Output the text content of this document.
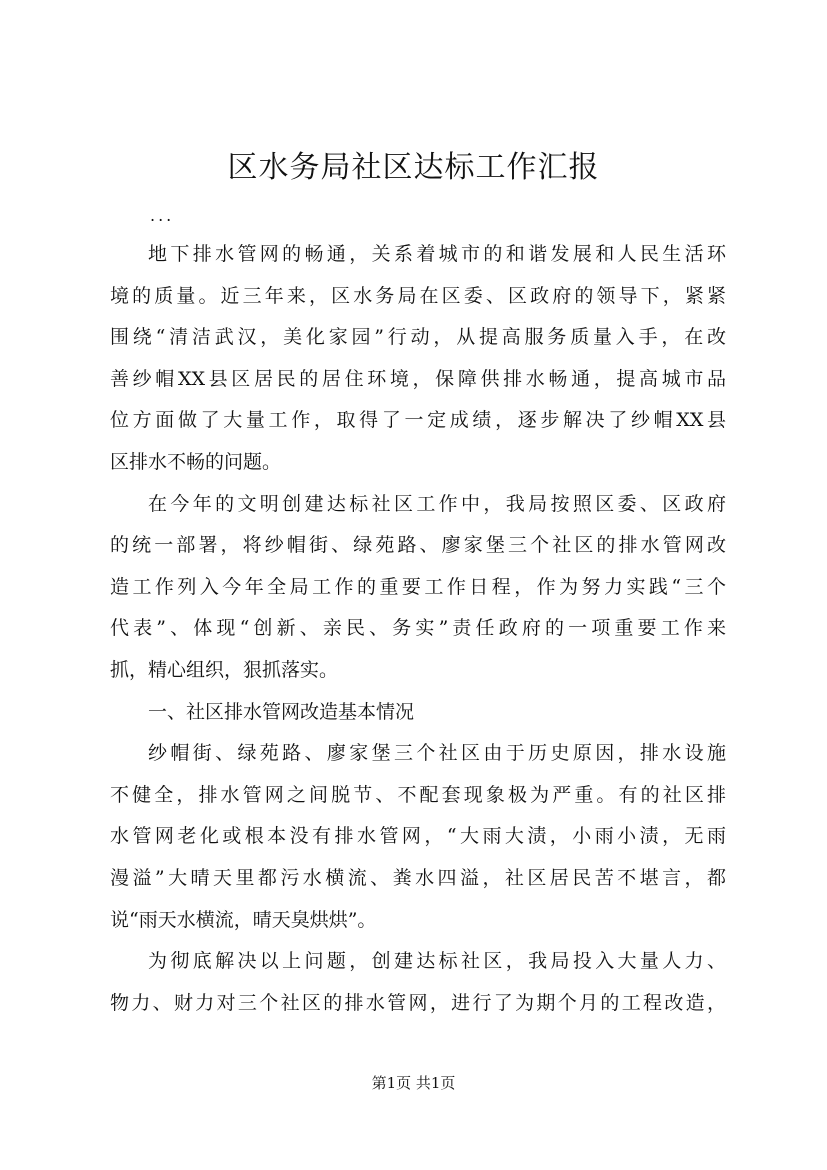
区水务局社区达标工作汇报
...
地下排水管网的畅通，关系着城市的和谐发展和人民生活环
境的质量。近三年来，区水务局在区委、区政府的领导下，紧紧
围绕“清洁武汉，美化家园”行动，从提高服务质量入手，在改
善纱帽XX县区居民的居住环境，保障供排水畅通，提高城市品
位方面做了大量工作，取得了一定成绩，逐步解决了纱帽XX县
区排水不畅的问题。
在今年的文明创建达标社区工作中，我局按照区委、区政府
的统一部署，将纱帽街、绿苑路、廖家堡三个社区的排水管网改
造工作列入今年全局工作的重要工作日程，作为努力实践“三个
代表”、体现“创新、亲民、务实”责任政府的一项重要工作来
抓，精心组织，狠抓落实。
一、社区排水管网改造基本情况
纱帽街、绿苑路、廖家堡三个社区由于历史原因，排水设施
不健全，排水管网之间脱节、不配套现象极为严重。有的社区排
水管网老化或根本没有排水管网，“大雨大渍，小雨小渍，无雨
漫溢”大晴天里都污水横流、粪水四溢，社区居民苦不堪言，都
说“雨天水横流，晴天臭烘烘”。
为彻底解决以上问题，创建达标社区，我局投入大量人力、
物力、财力对三个社区的排水管网，进行了为期个月的工程改造，
第1页 共1页
